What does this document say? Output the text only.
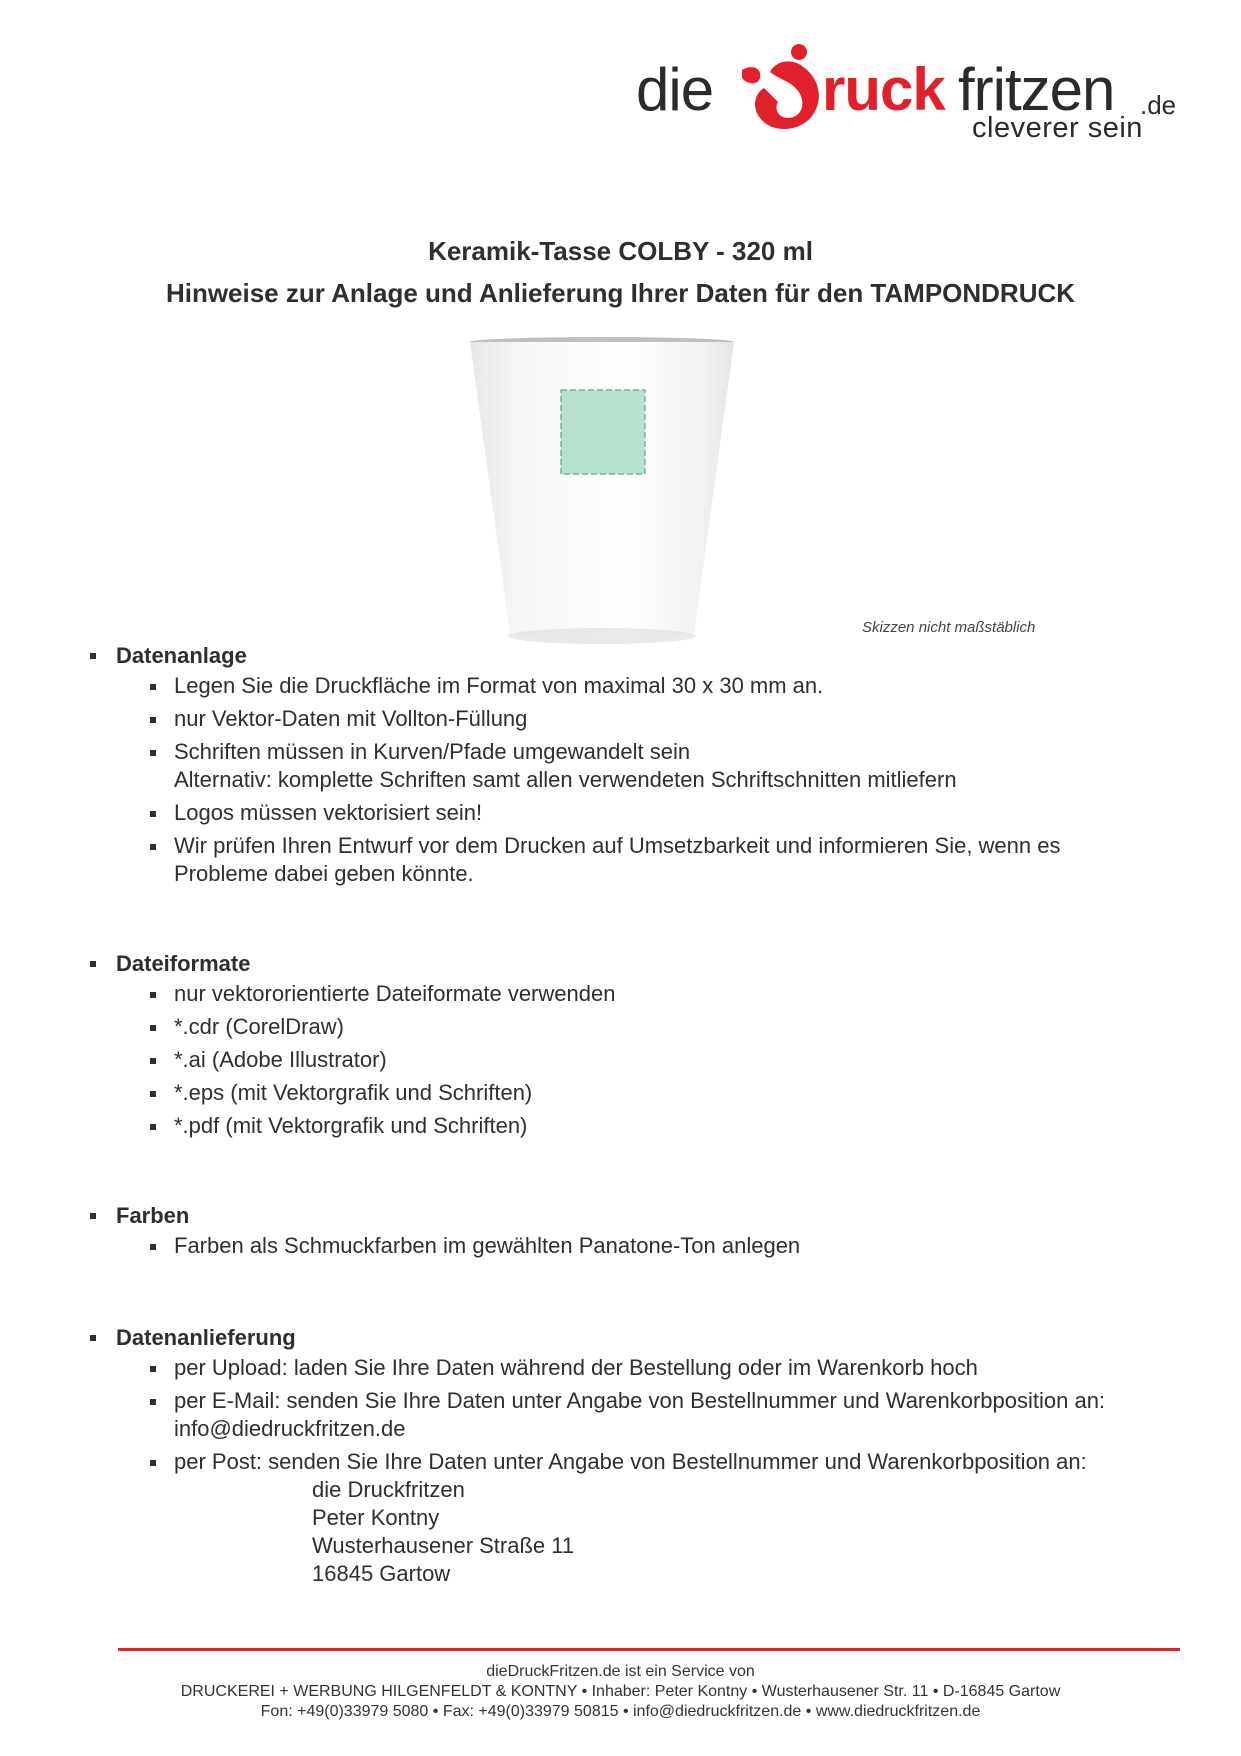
die ruck fritzen .de
cleverer sein
Keramik-Tasse COLBY - 320 ml
Hinweise zur Anlage und Anlieferung Ihrer Daten für den TAMPONDRUCK
Skizzen nicht maßstäblich
Datenanlage
Legen Sie die Druckfläche im Format von maximal 30 x 30 mm an.
nur Vektor-Daten mit Vollton-Füllung
Schriften müssen in Kurven/Pfade umgewandelt sein
Alternativ: komplette Schriften samt allen verwendeten Schriftschnitten mitliefern
Logos müssen vektorisiert sein!
Wir prüfen Ihren Entwurf vor dem Drucken auf Umsetzbarkeit und informieren Sie, wenn es
Probleme dabei geben könnte.
Dateiformate
nur vektororientierte Dateiformate verwenden
*.cdr (CorelDraw)
*.ai (Adobe Illustrator)
*.eps (mit Vektorgrafik und Schriften)
*.pdf (mit Vektorgrafik und Schriften)
Farben
Farben als Schmuckfarben im gewählten Panatone-Ton anlegen
Datenanlieferung
per Upload: laden Sie Ihre Daten während der Bestellung oder im Warenkorb hoch
per E-Mail: senden Sie Ihre Daten unter Angabe von Bestellnummer und Warenkorbposition an:
info@diedruckfritzen.de
per Post: senden Sie Ihre Daten unter Angabe von Bestellnummer und Warenkorbposition an:
die Druckfritzen
Peter Kontny
Wusterhausener Straße 11
16845 Gartow
dieDruckFritzen.de ist ein Service von
DRUCKEREI + WERBUNG HILGENFELDT & KONTNY • Inhaber: Peter Kontny • Wusterhausener Str. 11 • D-16845 Gartow
Fon: +49(0)33979 5080 • Fax: +49(0)33979 50815 • info@diedruckfritzen.de • www.diedruckfritzen.de
